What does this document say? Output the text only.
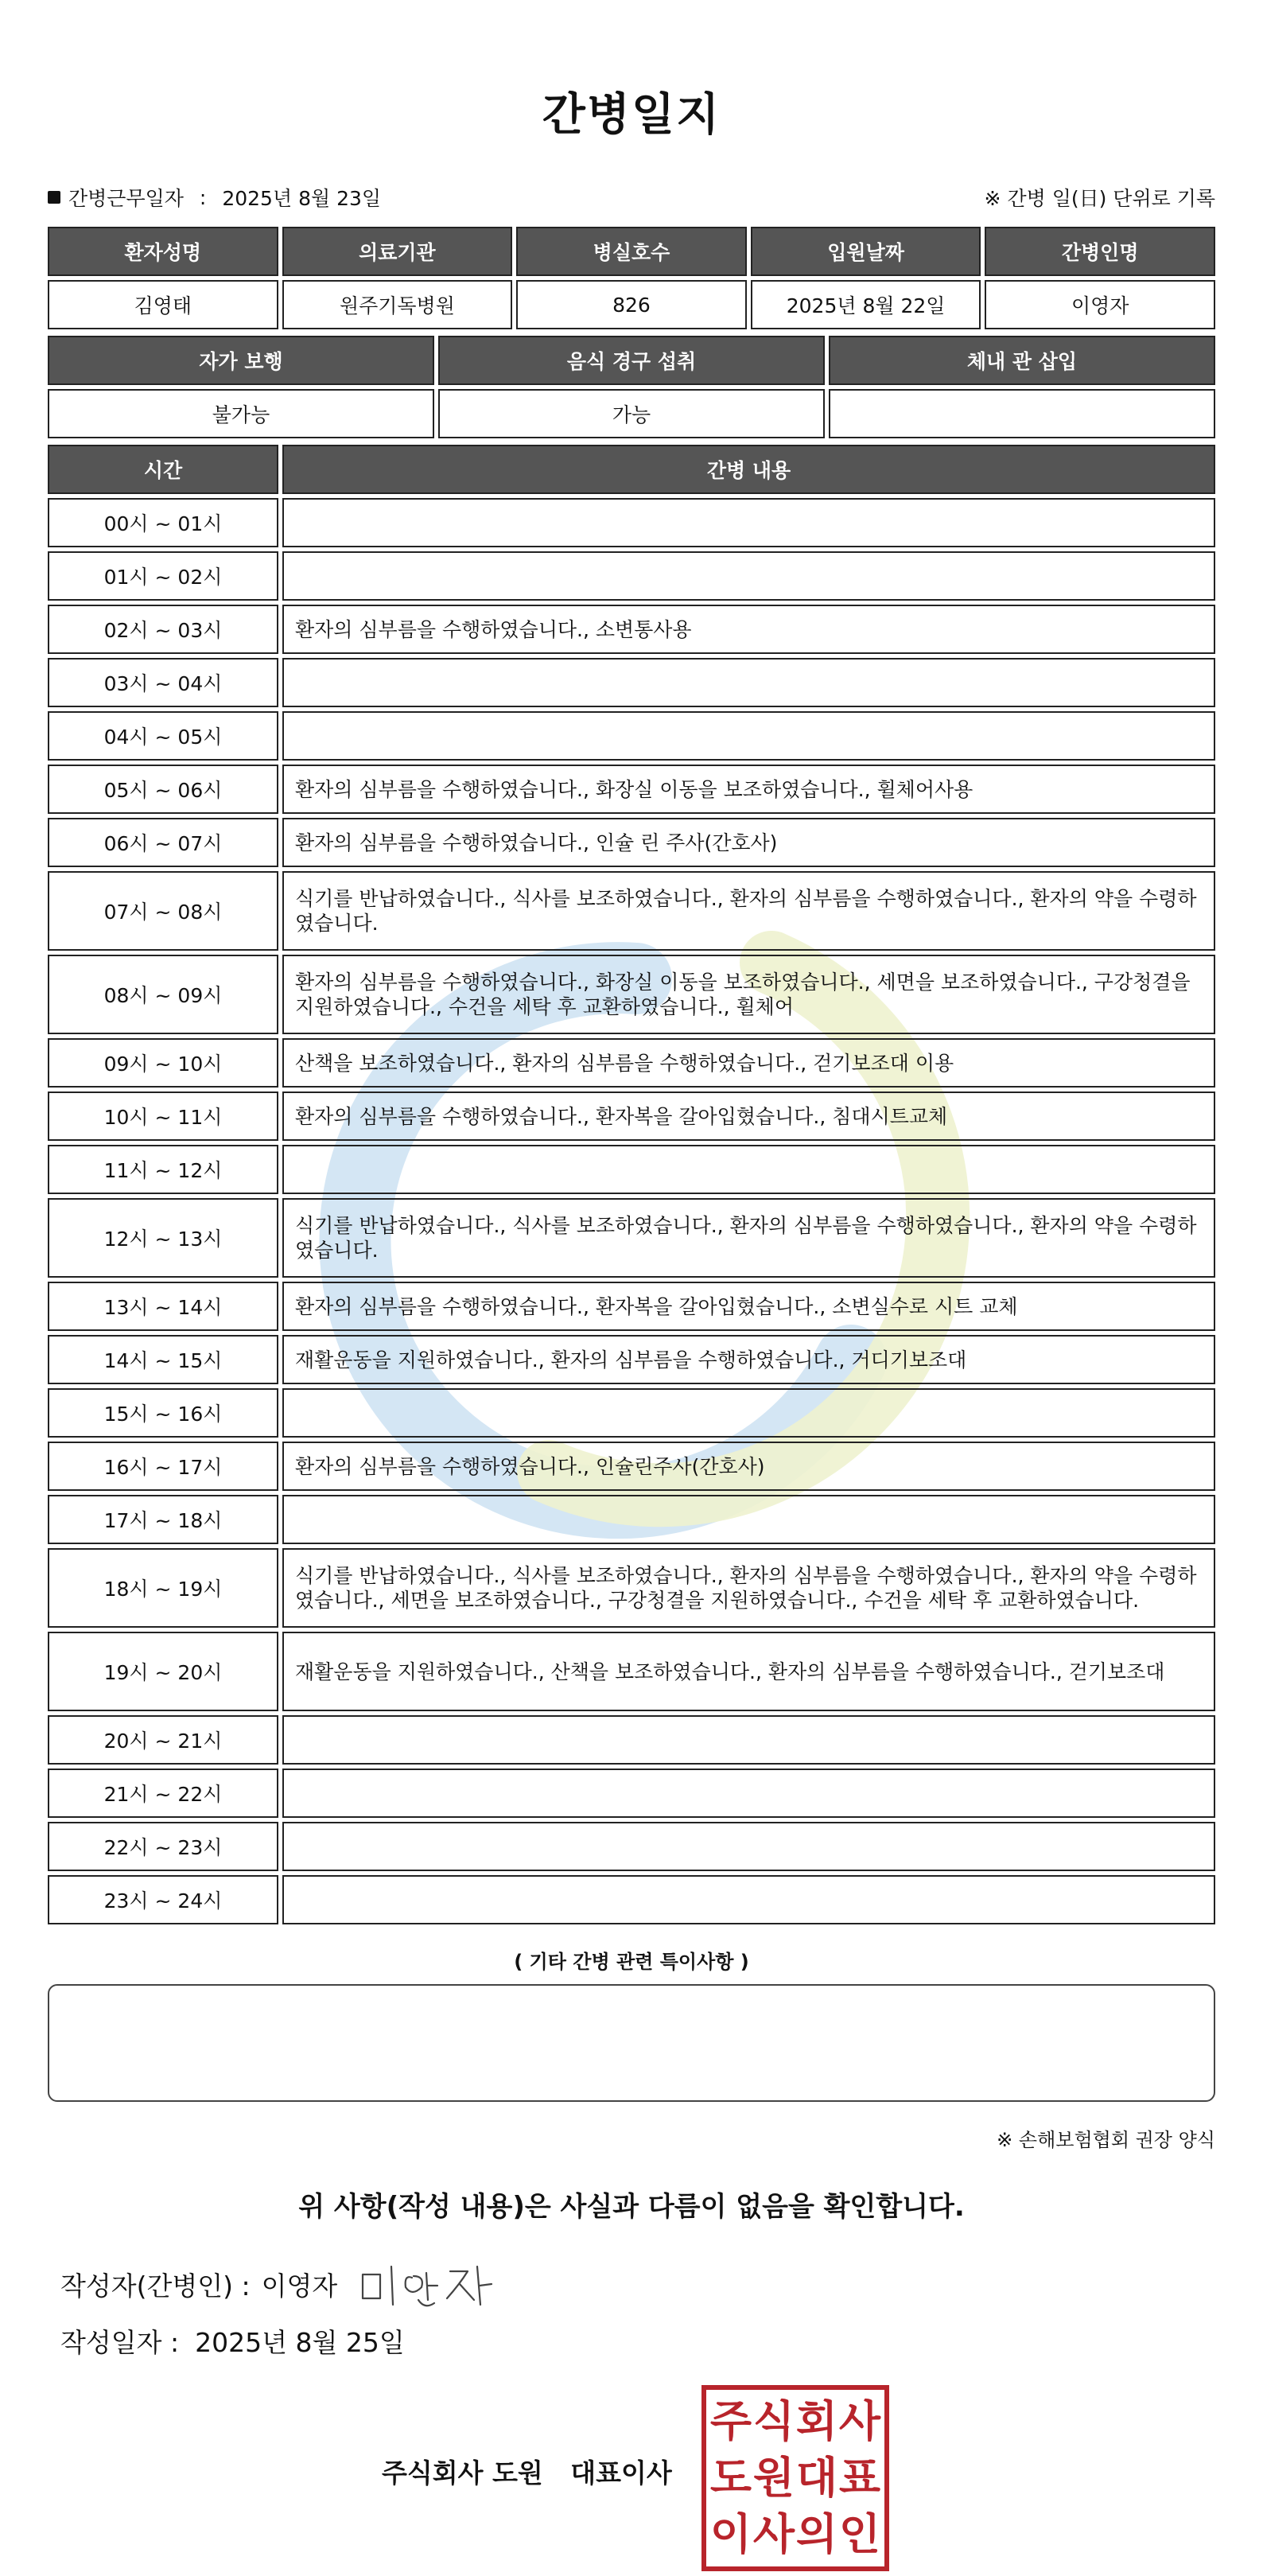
간병일지
간병근무일자 : 2025년 8월 23일	※ 간병 일(日) 단위로 기록
환자성명	의료기관	병실호수	입원날짜	간병인명
김영태	원주기독병원	826	2025년 8월 22일	이영자
자가 보행	음식 경구 섭취	체내 관 삽입
불가능	가능	
시간	간병 내용
00시 ~ 01시	
01시 ~ 02시	
02시 ~ 03시	환자의 심부름을 수행하였습니다., 소변통사용
03시 ~ 04시	
04시 ~ 05시	
05시 ~ 06시	환자의 심부름을 수행하였습니다., 화장실 이동을 보조하였습니다., 휠체어사용
06시 ~ 07시	환자의 심부름을 수행하였습니다., 인슐 린 주사(간호사)
07시 ~ 08시	식기를 반납하였습니다., 식사를 보조하였습니다., 환자의 심부름을 수행하였습니다., 환자의 약을 수령하였습니다.
08시 ~ 09시	환자의 심부름을 수행하였습니다., 화장실 이동을 보조하였습니다., 세면을 보조하였습니다., 구강청결을 지원하였습니다., 수건을 세탁 후 교환하였습니다., 휠체어
09시 ~ 10시	산책을 보조하였습니다., 환자의 심부름을 수행하였습니다., 걷기보조대 이용
10시 ~ 11시	환자의 심부름을 수행하였습니다., 환자복을 갈아입혔습니다., 침대시트교체
11시 ~ 12시	
12시 ~ 13시	식기를 반납하였습니다., 식사를 보조하였습니다., 환자의 심부름을 수행하였습니다., 환자의 약을 수령하였습니다.
13시 ~ 14시	환자의 심부름을 수행하였습니다., 환자복을 갈아입혔습니다., 소변실수로 시트 교체
14시 ~ 15시	재활운동을 지원하였습니다., 환자의 심부름을 수행하였습니다., 거디기보조대
15시 ~ 16시	
16시 ~ 17시	환자의 심부름을 수행하였습니다., 인슐린주사(간호사)
17시 ~ 18시	
18시 ~ 19시	식기를 반납하였습니다., 식사를 보조하였습니다., 환자의 심부름을 수행하였습니다., 환자의 약을 수령하였습니다., 세면을 보조하였습니다., 구강청결을 지원하였습니다., 수건을 세탁 후 교환하였습니다.
19시 ~ 20시	재활운동을 지원하였습니다., 산책을 보조하였습니다., 환자의 심부름을 수행하였습니다., 걷기보조대
20시 ~ 21시	
21시 ~ 22시	
22시 ~ 23시	
23시 ~ 24시	
( 기타 간병 관련 특이사항 )
※ 손해보험협회 권장 양식
위 사항(작성 내용)은 사실과 다름이 없음을 확인합니다.
작성자(간병인) : 이영자
작성일자 : 2025년 8월 25일
주식회사 도원   대표이사
주 식 회 사
도 원 대 표
이 사 의 인
